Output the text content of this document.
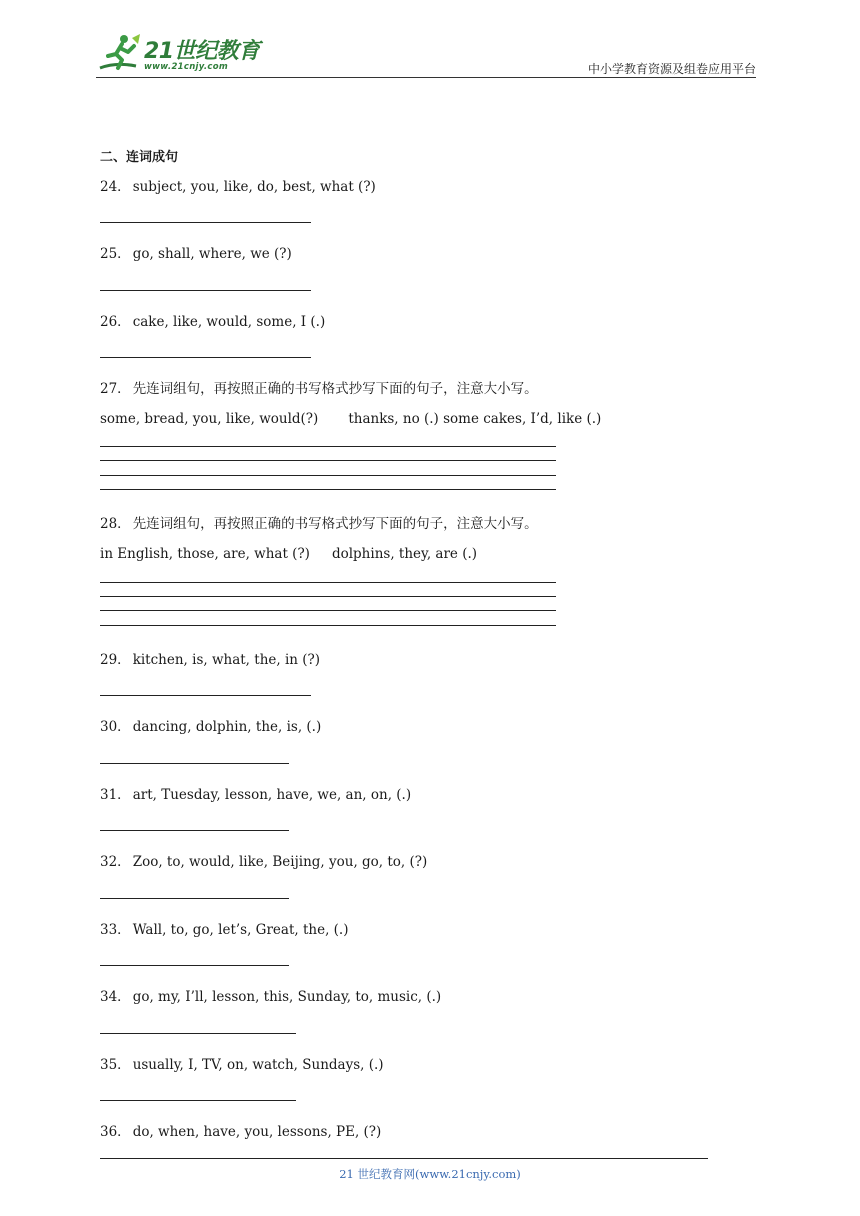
21世纪教育
www.21cnjy.com	中小学教育资源及组卷应用平台
二、连词成句
24． subject, you, like, do, best, what (?)
25． go, shall, where, we (?)
26． cake, like, would, some, I (.)
27． 先连词组句，再按照正确的书写格式抄写下面的句子，注意大小写。
some, bread, you, like, would(?) thanks, no (.) some cakes, I’d, like (.)
28． 先连词组句，再按照正确的书写格式抄写下面的句子，注意大小写。
in English, those, are, what (?) dolphins, they, are (.)
29． kitchen, is, what, the, in (?)
30． dancing, dolphin, the, is, (.)
31． art, Tuesday, lesson, have, we, an, on, (.)
32． Zoo, to, would, like, Beijing, you, go, to, (?)
33． Wall, to, go, let’s, Great, the, (.)
34． go, my, I’ll, lesson, this, Sunday, to, music, (.)
35． usually, I, TV, on, watch, Sundays, (.)
36． do, when, have, you, lessons, PE, (?)
21 世纪教育网(www.21cnjy.com)
